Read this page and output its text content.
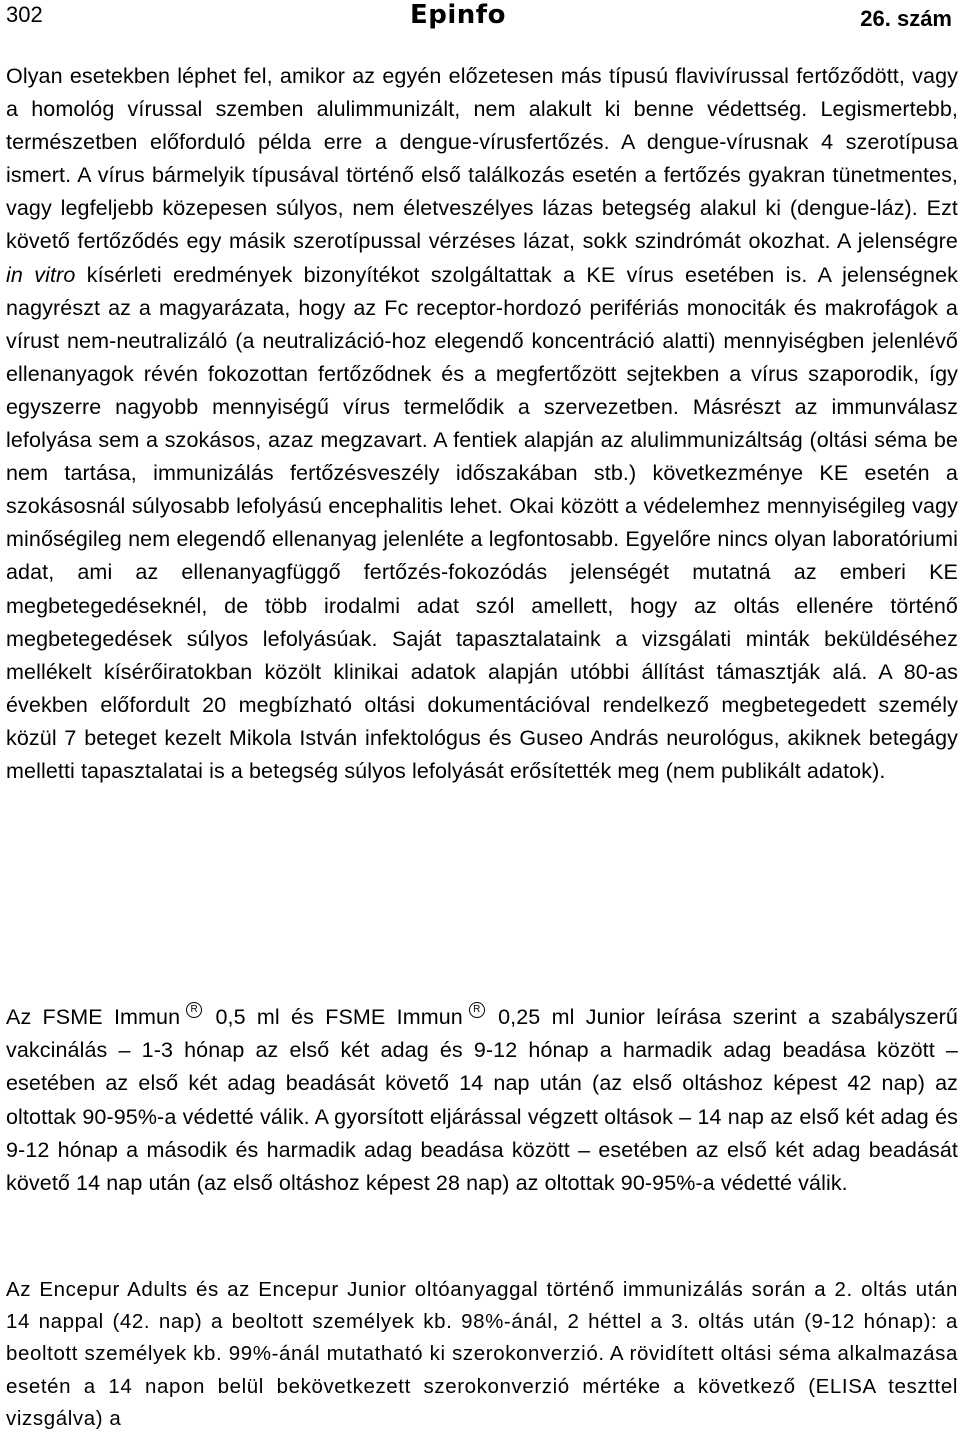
302	Epinfo	26. szám

Olyan esetekben léphet fel, amikor az egyén előzetesen más típusú flavivírussal fertőződött, vagy a homológ vírussal szemben alulimmunizált, nem alakult ki benne védettség. Legismertebb, természetben előforduló példa erre a dengue-vírusfertőzés. A dengue-vírusnak 4 szerotípusa ismert. A vírus bármelyik típusával történő első találkozás esetén a fertőzés gyakran tünetmentes, vagy legfeljebb közepesen súlyos, nem életveszélyes lázas betegség alakul ki (dengue-láz). Ezt követő fertőződés egy másik szerotípussal vérzéses lázat, sokk szindrómát okozhat. A jelenségre in vitro kísérleti eredmények bizonyítékot szolgáltattak a KE vírus esetében is. A jelenségnek nagyrészt az a magyarázata, hogy az Fc receptor-hordozó perifériás monociták és makrofágok a vírust nem-neutralizáló (a neutralizáció-hoz elegendő koncentráció alatti) mennyiségben jelenlévő ellenanyagok révén fokozottan fertőződnek és a megfertőzött sejtekben a vírus szaporodik, így egyszerre nagyobb mennyiségű vírus termelődik a szervezetben. Másrészt az immunválasz lefolyása sem a szokásos, azaz megzavart. A fentiek alapján az alulimmunizáltság (oltási séma be nem tartása, immunizálás fertőzésveszély időszakában stb.) következménye KE esetén a szokásosnál súlyosabb lefolyású encephalitis lehet. Okai között a védelemhez mennyiségileg vagy minőségileg nem elegendő ellenanyag jelenléte a legfontosabb. Egyelőre nincs olyan laboratóriumi adat, ami az ellenanyagfüggő fertőzés-fokozódás jelenségét mutatná az emberi KE megbetegedéseknél, de több irodalmi adat szól amellett, hogy az oltás ellenére történő megbetegedések súlyos lefolyásúak. Saját tapasztalataink a vizsgálati minták beküldéséhez mellékelt kísérőiratokban közölt klinikai adatok alapján utóbbi állítást támasztják alá. A 80-as években előfordult 20 megbízható oltási dokumentációval rendelkező megbetegedett személy közül 7 beteget kezelt Mikola István infektológus és Guseo András neurológus, akiknek betegágy melletti tapasztalatai is a betegség súlyos lefolyását erősítették meg (nem publikált adatok).

Az FSME Immun R 0,5 ml és FSME Immun R 0,25 ml Junior leírása szerint a szabályszerű vakcinálás – 1-3 hónap az első két adag és 9-12 hónap a harmadik adag beadása között – esetében az első két adag beadását követő 14 nap után (az első oltáshoz képest 42 nap) az oltottak 90-95%-a védetté válik. A gyorsított eljárással végzett oltások – 14 nap az első két adag és 9-12 hónap a második és harmadik adag beadása között – esetében az első két adag beadását követő 14 nap után (az első oltáshoz képest 28 nap) az oltottak 90-95%-a védetté válik.

Az Encepur Adults és az Encepur Junior oltóanyaggal történő immunizálás során a 2. oltás után 14 nappal (42. nap) a beoltott személyek kb. 98%-ánál, 2 héttel a 3. oltás után (9-12 hónap): a beoltott személyek kb. 99%-ánál mutatható ki szerokonverzió. A rövidített oltási séma alkalmazása esetén a 14 napon belül bekövetkezett szerokonverzió mértéke a következő (ELISA teszttel vizsgálva) a
